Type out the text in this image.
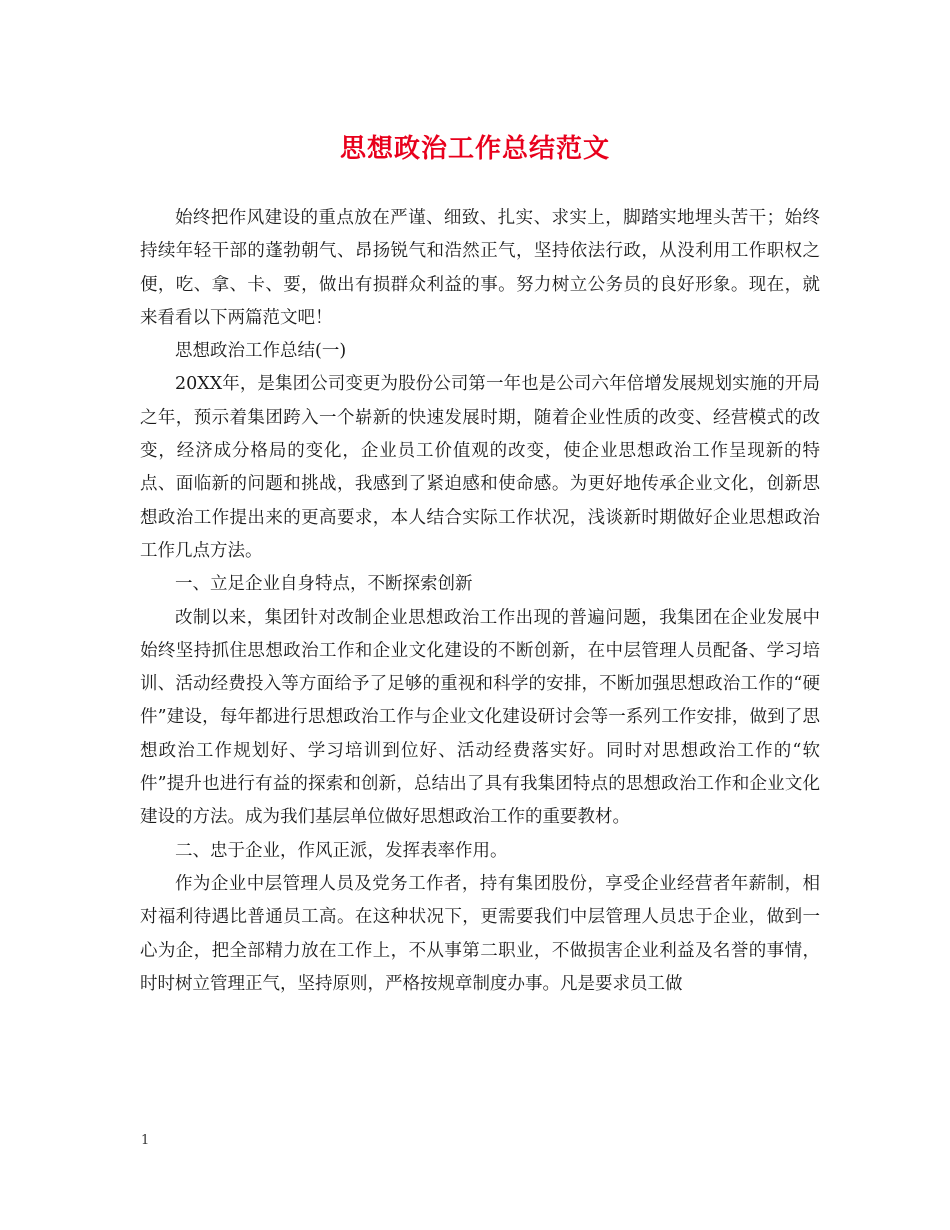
思想政治工作总结范文

始终把作风建设的重点放在严谨、细致、扎实、求实上，脚踏实地埋头苦干；始终持续年轻干部的蓬勃朝气、昂扬锐气和浩然正气，坚持依法行政，从没利用工作职权之便，吃、拿、卡、要，做出有损群众利益的事。努力树立公务员的良好形象。现在，就来看看以下两篇范文吧！

思想政治工作总结(一)

20XX年，是集团公司变更为股份公司第一年也是公司六年倍增发展规划实施的开局之年，预示着集团跨入一个崭新的快速发展时期，随着企业性质的改变、经营模式的改变，经济成分格局的变化，企业员工价值观的改变，使企业思想政治工作呈现新的特点、面临新的问题和挑战，我感到了紧迫感和使命感。为更好地传承企业文化，创新思想政治工作提出来的更高要求，本人结合实际工作状况，浅谈新时期做好企业思想政治工作几点方法。

一、立足企业自身特点，不断探索创新

改制以来，集团针对改制企业思想政治工作出现的普遍问题，我集团在企业发展中始终坚持抓住思想政治工作和企业文化建设的不断创新，在中层管理人员配备、学习培训、活动经费投入等方面给予了足够的重视和科学的安排，不断加强思想政治工作的“硬件”建设，每年都进行思想政治工作与企业文化建设研讨会等一系列工作安排，做到了思想政治工作规划好、学习培训到位好、活动经费落实好。同时对思想政治工作的“软件”提升也进行有益的探索和创新，总结出了具有我集团特点的思想政治工作和企业文化建设的方法。成为我们基层单位做好思想政治工作的重要教材。

二、忠于企业，作风正派，发挥表率作用。

作为企业中层管理人员及党务工作者，持有集团股份，享受企业经营者年薪制，相对福利待遇比普通员工高。在这种状况下，更需要我们中层管理人员忠于企业，做到一心为企，把全部精力放在工作上，不从事第二职业，不做损害企业利益及名誉的事情，时时树立管理正气，坚持原则，严格按规章制度办事。凡是要求员工做

1
